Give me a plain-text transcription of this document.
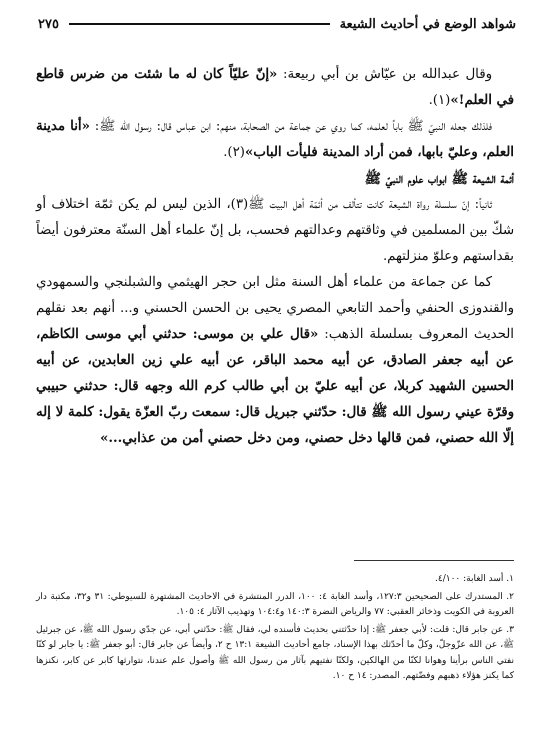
شواهد الوضع في أحاديث الشيعة
٢٧٥

وقال عبدالله بن عيّاش بن أبي ربيعة: «إنّ عليّاً كان له ما شئت من ضرس قاطع في العلم!»(١).

فلذلك جعله النبيّ ﷺ باباً لعلمه، كما روي عن جماعة من الصحابة، منهم: ابن عباس قال: رسول الله ﷺ: «أنا مدينة العلم، وعليّ بابها، فمن أراد المدينة فليأت الباب»(٢).

أئمة الشيعة ﷺ ابواب علوم النبيّ ﷺ

ثانياً: إنّ سلسلة رواة الشيعة كانت تتألف من أئمّة أهل البيت ﷺ(٣)، الذين ليس لم يكن ثمّة اختلاف أو شكّ بين المسلمين في وثاقتهم وعدالتهم فحسب، بل إنّ علماء أهل السنّة معترفون أيضاً بقداستهم وعلوّ منزلتهم.

كما عن جماعة من علماء أهل السنة مثل ابن حجر الهيثمي والشبلنجي والسمهودي والقندوزى الحنفي وأحمد التابعي المصري يحيى بن الحسن الحسني و... أنهم بعد نقلهم الحديث المعروف بسلسلة الذهب: «قال علي بن موسى: حدثني أبي موسى الكاظم، عن أبيه جعفر الصادق، عن أبيه محمد الباقر، عن أبيه علي زين العابدين، عن أبيه الحسين الشهيد كربلا، عن أبيه عليّ بن أبي طالب كرم الله وجهه قال: حدثني حبيبي وقرّة عيني رسول الله ﷺ قال: حدّثني جبريل قال: سمعت ربّ العزّة يقول: كلمة لا إله إلّا الله حصني، فمن قالها دخل حصني، ومن دخل حصني أمن من عذابي...»

١. أسد الغابة: ٤/١٠٠.

٢. المستدرك على الصحيحين ١٢٧:٣، وأسد الغابة ٤: ١٠٠، الدرر المنتشرة في الاحاديث المشتهرة للسيوطي: ٣١ و٣٢، مكتبة دار العروبة في الكويت وذخائر العقبي: ٧٧ والرياض النضرة ١٤٠:٣ و١٠٤:٤ وتهذيب الآثار ٤: ١٠٥.

٣. عن جابر قال: قلت: لأبي جعفر ﷺ: إذا حدّثتني بحديث فأسنده لي، فقال ﷺ: حدّثني أبي، عن جدّي رسول الله ﷺ، عن جبرئيل ﷺ، عن الله عزّوجلّ، وكلّ ما أحدّثك بهذا الإسناد، جامع أحاديث الشيعة ١٣:١ ح ٢، وأيضاً عن جابر قال: أبو جعفر ﷺ: يا جابر لو كنّا نفتي الناس برأينا وهوانا لكنّا من الهالكين، ولكنّا نفتيهم بآثار من رسول الله ﷺ وأصول علم عندنا، نتوارثها كابر عن كابر، نكنزها كما يكنز هؤلاء ذهبهم وفضّتهم. المصدر: ١٤ ح ١٠.
